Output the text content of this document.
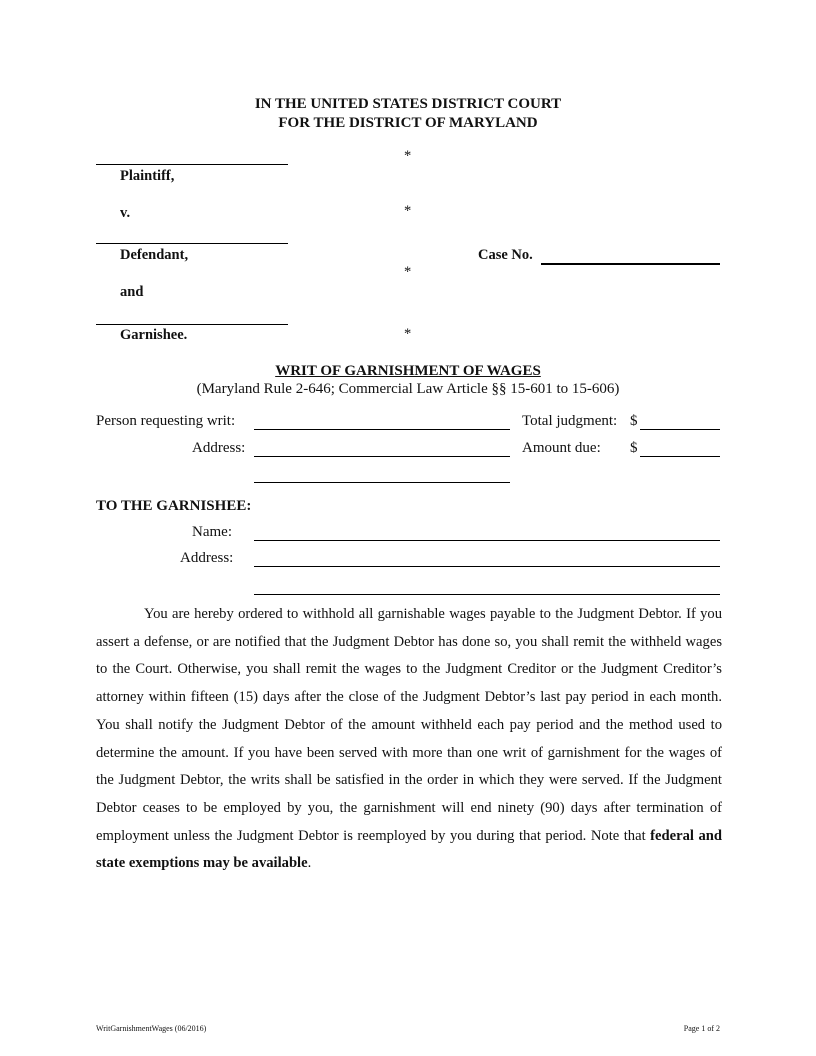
IN THE UNITED STATES DISTRICT COURT
FOR THE DISTRICT OF MARYLAND
Plaintiff,
v.
Defendant,
and
Garnishee.
*
*
*
*
Case No.
WRIT OF GARNISHMENT OF WAGES
(Maryland Rule 2-646; Commercial Law Article §§ 15-601 to 15-606)
Person requesting writ:
Address:
Total judgment: $
Amount due: $
TO THE GARNISHEE:
Name:
Address:

You are hereby ordered to withhold all garnishable wages payable to the Judgment Debtor. If you assert a defense, or are notified that the Judgment Debtor has done so, you shall remit the withheld wages to the Court. Otherwise, you shall remit the wages to the Judgment Creditor or the Judgment Creditor’s attorney within fifteen (15) days after the close of the Judgment Debtor’s last pay period in each month. You shall notify the Judgment Debtor of the amount withheld each pay period and the method used to determine the amount. If you have been served with more than one writ of garnishment for the wages of the Judgment Debtor, the writs shall be satisfied in the order in which they were served. If the Judgment Debtor ceases to be employed by you, the garnishment will end ninety (90) days after termination of employment unless the Judgment Debtor is reemployed by you during that period. Note that federal and state exemptions may be available.

WritGarnishmentWages (06/2016)	Page 1 of 2
